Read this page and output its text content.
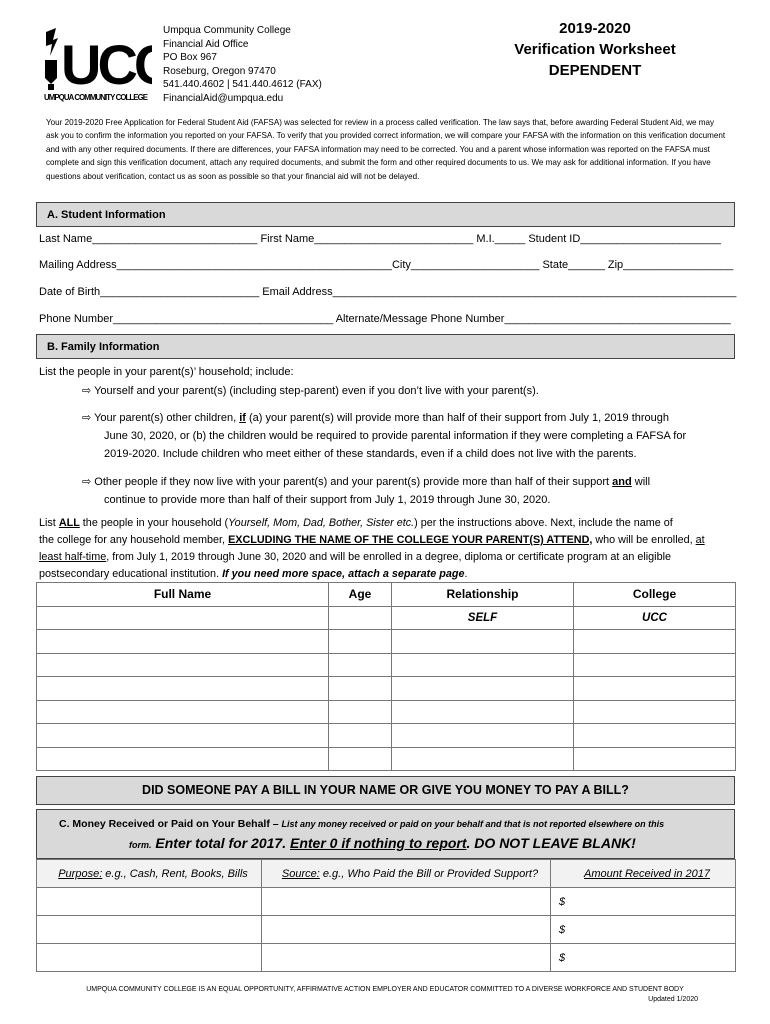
UC
UMPQUA COMMUNITY COLLEGE
Umpqua Community College
Financial Aid Office
PO Box 967
Roseburg, Oregon 97470
541.440.4602 | 541.440.4612 (FAX)
FinancialAid@umpqua.edu
2019-2020
Verification Worksheet
DEPENDENT
Your 2019-2020 Free Application for Federal Student Aid (FAFSA) was selected for review in a process called verification. The law says that, before awarding Federal Student Aid, we may ask you to confirm the information you reported on your FAFSA. To verify that you provided correct information, we will compare your FAFSA with the information on this verification document and with any other required documents. If there are differences, your FAFSA information may need to be corrected. You and a parent whose information was reported on the FAFSA must complete and sign this verification document, attach any required documents, and submit the form and other required documents to us. We may ask for additional information. If you have questions about verification, contact us as soon as possible so that your financial aid will not be delayed.
A. Student Information
Last Name___________________________ First Name__________________________ M.I._____ Student ID_______________________
Mailing Address_____________________________________________City_____________________ State______ Zip__________________
Date of Birth__________________________ Email Address__________________________________________________________________
Phone Number____________________________________ Alternate/Message Phone Number_____________________________________
B. Family Information
List the people in your parent(s)’ household; include:
⇨ Yourself and your parent(s) (including step-parent) even if you don’t live with your parent(s).
⇨ Your parent(s) other children, if (a) your parent(s) will provide more than half of their support from July 1, 2019 through
June 30, 2020, or (b) the children would be required to provide parental information if they were completing a FAFSA for
2019-2020. Include children who meet either of these standards, even if a child does not live with the parents.
⇨ Other people if they now live with your parent(s) and your parent(s) provide more than half of their support and will
continue to provide more than half of their support from July 1, 2019 through June 30, 2020.
List ALL the people in your household (Yourself, Mom, Dad, Bother, Sister etc.) per the instructions above. Next, include the name of
the college for any household member, EXCLUDING THE NAME OF THE COLLEGE YOUR PARENT(S) ATTEND, who will be enrolled, at
least half-time, from July 1, 2019 through June 30, 2020 and will be enrolled in a degree, diploma or certificate program at an eligible
postsecondary educational institution. If you need more space, attach a separate page.
Full Name	Age	Relationship	College
		SELF	UCC

DID SOMEONE PAY A BILL IN YOUR NAME OR GIVE YOU MONEY TO PAY A BILL?
C. Money Received or Paid on Your Behalf – List any money received or paid on your behalf and that is not reported elsewhere on this
form. Enter total for 2017. Enter 0 if nothing to report. DO NOT LEAVE BLANK!
Purpose: e.g., Cash, Rent, Books, Bills	Source: e.g., Who Paid the Bill or Provided Support?	Amount Received in 2017
		$
		$
		$
UMPQUA COMMUNITY COLLEGE IS AN EQUAL OPPORTUNITY, AFFIRMATIVE ACTION EMPLOYER AND EDUCATOR COMMITTED TO A DIVERSE WORKFORCE AND STUDENT BODY
Updated 1/2020
